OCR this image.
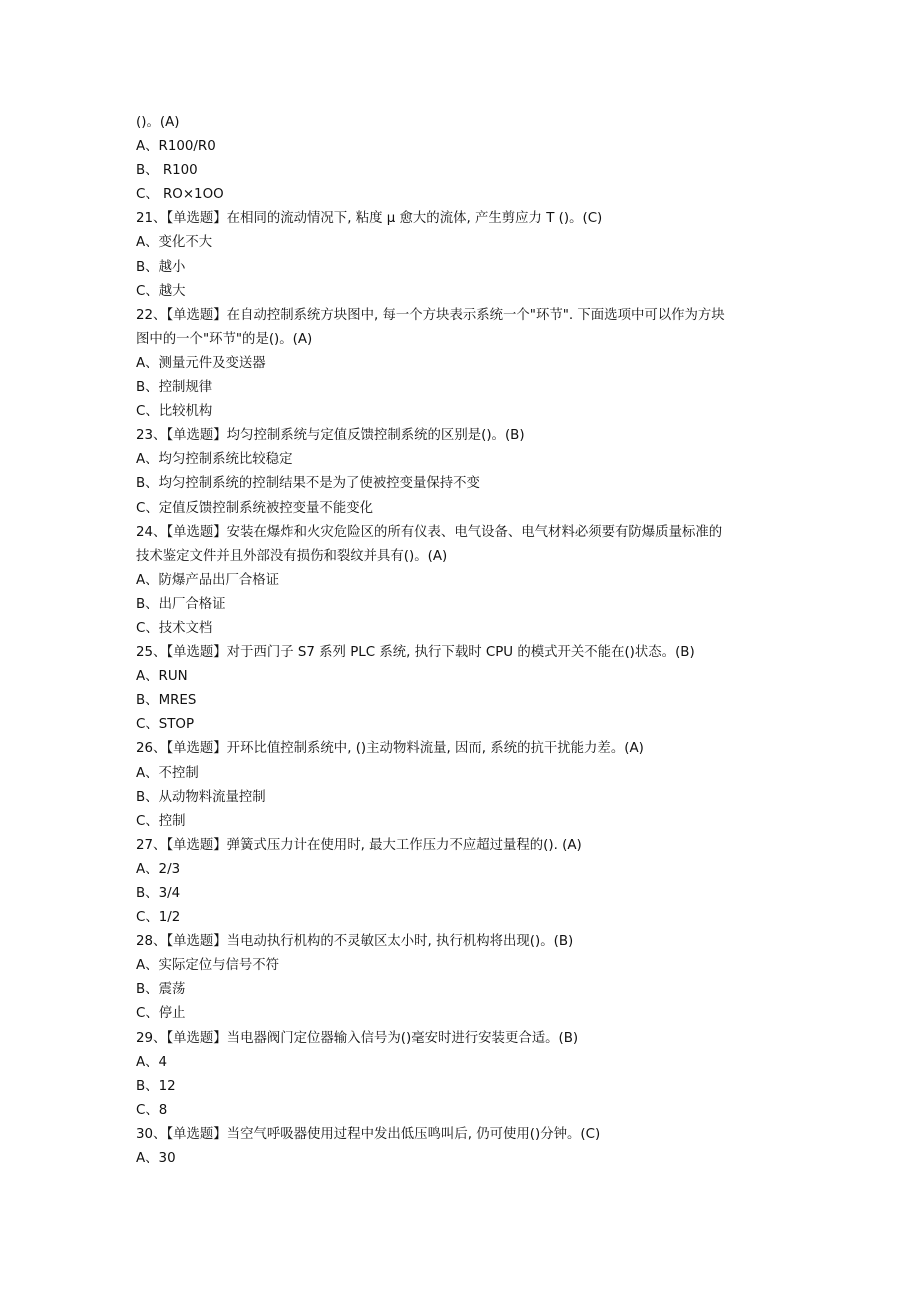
()。(A)
A、R100/R0
B、 R100
C、 RO×1OO
21、【单选题】在相同的流动情况下, 粘度 μ 愈大的流体, 产生剪应力 T ()。(C)
A、变化不大
B、越小
C、越大
22、【单选题】在自动控制系统方块图中, 每一个方块表示系统一个"环节". 下面选项中可以作为方块
图中的一个"环节"的是()。(A)
A、测量元件及变送器
B、控制规律
C、比较机构
23、【单选题】均匀控制系统与定值反馈控制系统的区别是()。(B)
A、均匀控制系统比较稳定
B、均匀控制系统的控制结果不是为了使被控变量保持不变
C、定值反馈控制系统被控变量不能变化
24、【单选题】安装在爆炸和火灾危险区的所有仪表、电气设备、电气材料必须要有防爆质量标准的
技术鉴定文件并且外部没有损伤和裂纹并具有()。(A)
A、防爆产品出厂合格证
B、出厂合格证
C、技术文档
25、【单选题】对于西门子 S7 系列 PLC 系统, 执行下载时 CPU 的模式开关不能在()状态。(B)
A、RUN
B、MRES
C、STOP
26、【单选题】开环比值控制系统中, ()主动物料流量, 因而, 系统的抗干扰能力差。(A)
A、不控制
B、从动物料流量控制
C、控制
27、【单选题】弹簧式压力计在使用时, 最大工作压力不应超过量程的(). (A)
A、2/3
B、3/4
C、1/2
28、【单选题】当电动执行机构的不灵敏区太小时, 执行机构将出现()。(B)
A、实际定位与信号不符
B、震荡
C、停止
29、【单选题】当电器阀门定位器输入信号为()毫安时进行安装更合适。(B)
A、4
B、12
C、8
30、【单选题】当空气呼吸器使用过程中发出低压鸣叫后, 仍可使用()分钟。(C)
A、30
